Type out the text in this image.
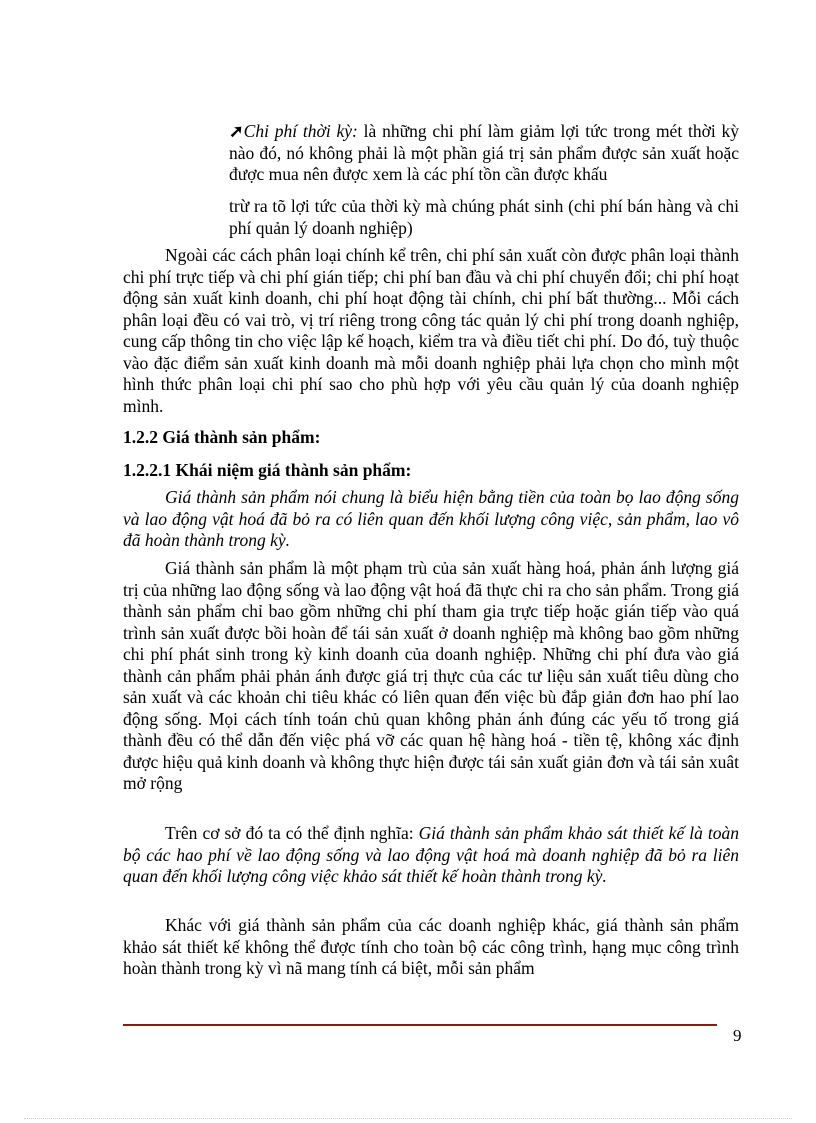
➚Chi phí thời kỳ: là những chi phí làm giảm lợi tức trong mét thời kỳ nào đó, nó không phải là một phần giá trị sản phẩm được sản xuất hoặc được mua nên được xem là các phí tồn cần được khấu

trừ ra tõ lợi tức của thời kỳ mà chúng phát sinh (chi phí bán hàng và chi phí quản lý doanh nghiệp)

Ngoài các cách phân loại chính kể trên, chi phí sản xuất còn được phân loại thành chi phí trực tiếp và chi phí gián tiếp; chi phí ban đầu và chi phí chuyển đổi; chi phí hoạt động sản xuất kinh doanh, chi phí hoạt động tài chính, chi phí bất thường... Mỗi cách phân loại đều có vai trò, vị trí riêng trong công tác quản lý chi phí trong doanh nghiệp, cung cấp thông tin cho việc lập kế hoạch, kiểm tra và điều tiết chi phí. Do đó, tuỳ thuộc vào đặc điểm sản xuất kinh doanh mà mỗi doanh nghiệp phải lựa chọn cho mình một hình thức phân loại chi phí sao cho phù hợp với yêu cầu quản lý của doanh nghiệp mình.

1.2.2 Giá thành sản phẩm:

1.2.2.1 Khái niệm giá thành sản phẩm:

Giá thành sản phẩm nói chung là biểu hiện bằng tiền của toàn bọ lao động sống và lao động vật hoá đã bỏ ra có liên quan đến khối lượng công việc, sản phẩm, lao vô đã hoàn thành trong kỳ.

Giá thành sản phẩm là một phạm trù của sản xuất hàng hoá, phản ánh lượng giá trị của những lao động sống và lao động vật hoá đã thực chi ra cho sản phẩm. Trong giá thành sản phẩm chỉ bao gồm những chi phí tham gia trực tiếp hoặc gián tiếp vào quá trình sản xuất được bồi hoàn để tái sản xuất ở doanh nghiệp mà không bao gồm những chi phí phát sinh trong kỳ kinh doanh của doanh nghiệp. Những chi phí đưa vào giá thành cản phẩm phải phản ánh được giá trị thực của các tư liệu sản xuất tiêu dùng cho sản xuất và các khoản chi tiêu khác có liên quan đến việc bù đắp giản đơn hao phí lao động sống. Mọi cách tính toán chủ quan không phản ánh đúng các yếu tố trong giá thành đều có thể dẫn đến việc phá vỡ các quan hệ hàng hoá - tiền tệ, không xác định được hiệu quả kinh doanh và không thực hiện được tái sản xuất giản đơn và tái sản xuât mở rộng

Trên cơ sở đó ta có thể định nghĩa: Giá thành sản phẩm khảo sát thiết kế là toàn bộ các hao phí về lao động sống và lao động vật hoá mà doanh nghiệp đã bỏ ra liên quan đến khối lượng công việc khảo sát thiết kế hoàn thành trong kỳ.

Khác với giá thành sản phẩm của các doanh nghiệp khác, giá thành sản phẩm khảo sát thiết kế không thể được tính cho toàn bộ các công trình, hạng mục công trình hoàn thành trong kỳ vì nã mang tính cá biệt, mỗi sản phẩm

9
